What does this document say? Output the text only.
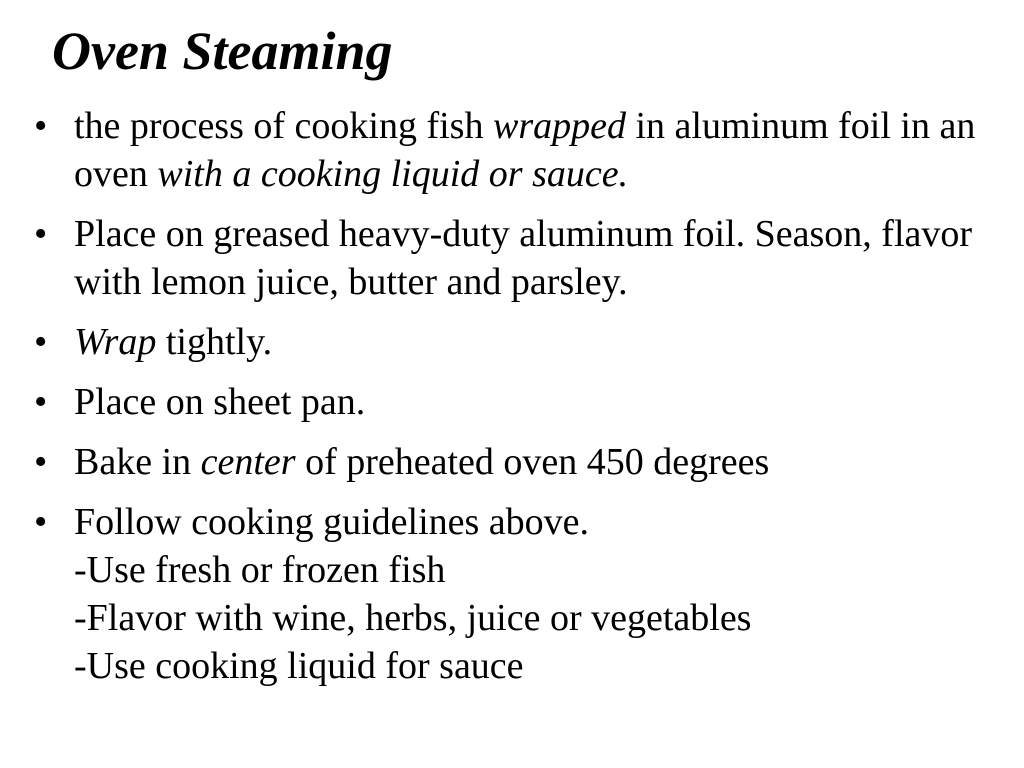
Oven Steaming
• the process of cooking fish wrapped in aluminum foil in an oven with a cooking liquid or sauce.
• Place on greased heavy-duty aluminum foil. Season, flavor with lemon juice, butter and parsley.
• Wrap tightly.
• Place on sheet pan.
• Bake in center of preheated oven 450 degrees
• Follow cooking guidelines above.
-Use fresh or frozen fish
-Flavor with wine, herbs, juice or vegetables
-Use cooking liquid for sauce
